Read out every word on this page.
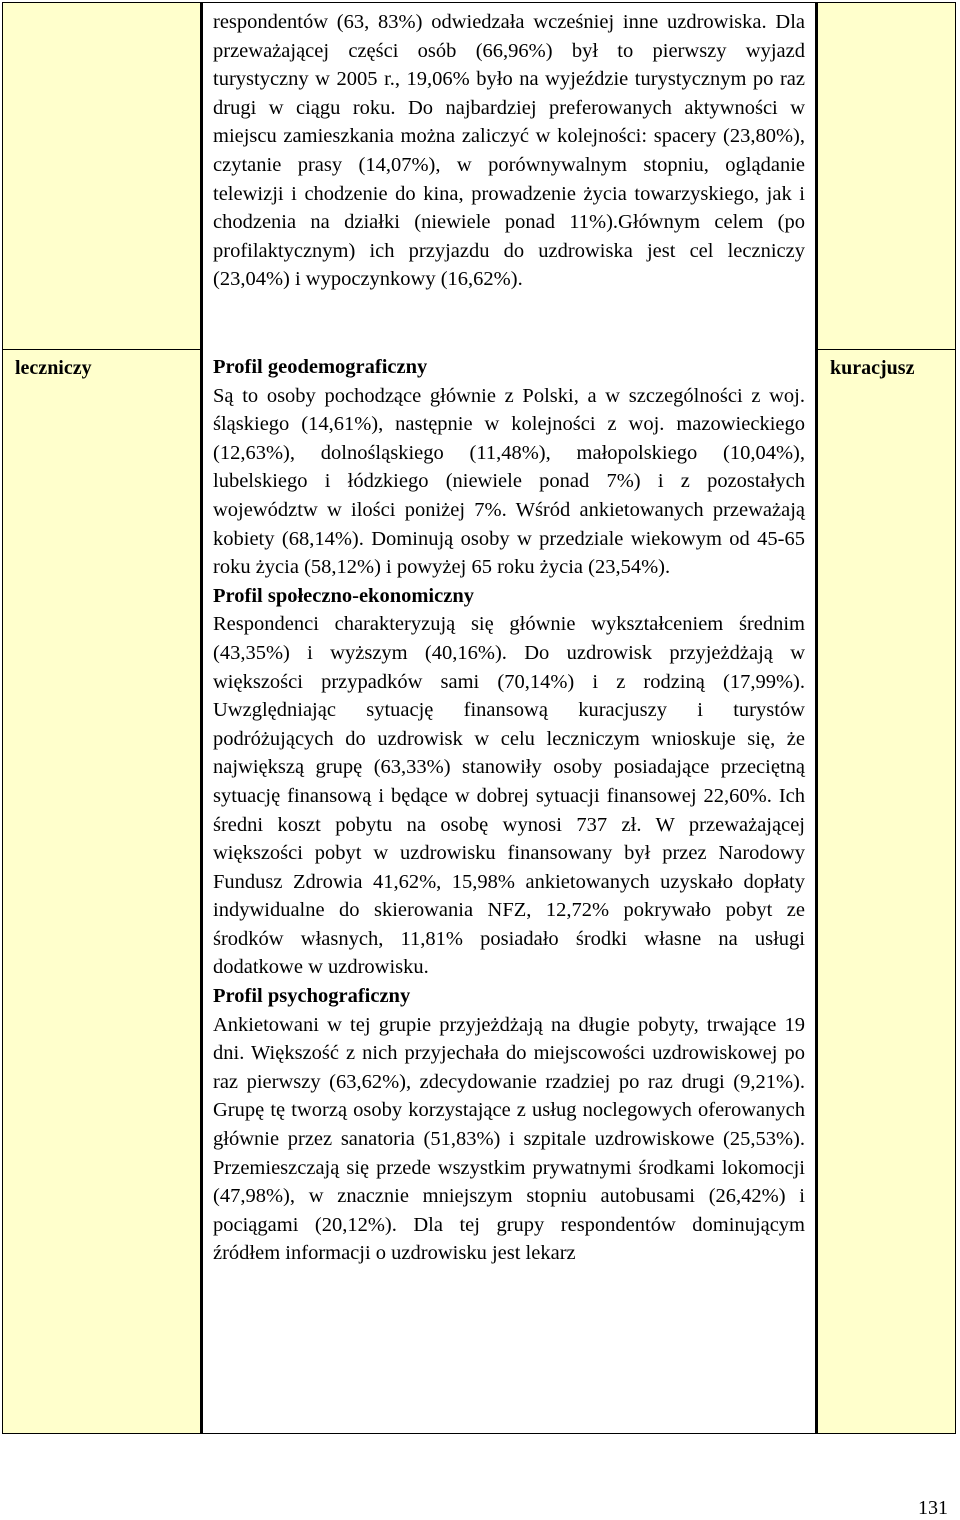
leczniczy

respondentów (63, 83%) odwiedzała wcześniej inne uzdrowiska. Dla przeważającej części osób (66,96%) był to pierwszy wyjazd turystyczny w 2005 r., 19,06% było na wyjeździe turystycznym po raz drugi w ciągu roku. Do najbardziej preferowanych aktywności w miejscu zamieszkania można zaliczyć w kolejności: spacery (23,80%), czytanie prasy (14,07%), w porównywalnym stopniu, oglądanie telewizji i chodzenie do kina, prowadzenie życia towarzyskiego, jak i chodzenia na działki (niewiele ponad 11%).Głównym celem (po profilaktycznym) ich przyjazdu do uzdrowiska jest cel leczniczy (23,04%) i wypoczynkowy (16,62%).

Profil geodemograficzny

Są to osoby pochodzące głównie z Polski, a w szczególności z woj. śląskiego (14,61%), następnie w kolejności z woj. mazowieckiego (12,63%), dolnośląskiego (11,48%), małopolskiego (10,04%), lubelskiego i łódzkiego (niewiele ponad 7%) i z pozostałych województw w ilości poniżej 7%. Wśród ankietowanych przeważają kobiety (68,14%). Dominują osoby w przedziale wiekowym od 45-65 roku życia (58,12%) i powyżej 65 roku życia (23,54%).

Profil społeczno-ekonomiczny

Respondenci charakteryzują się głównie wykształceniem średnim (43,35%) i wyższym (40,16%). Do uzdrowisk przyjeżdżają w większości przypadków sami (70,14%) i z rodziną (17,99%). Uwzględniając sytuację finansową kuracjuszy i turystów podróżujących do uzdrowisk w celu leczniczym wnioskuje się, że największą grupę (63,33%) stanowiły osoby posiadające przeciętną sytuację finansową i będące w dobrej sytuacji finansowej 22,60%. Ich średni koszt pobytu na osobę wynosi 737 zł. W przeważającej większości pobyt w uzdrowisku finansowany był przez Narodowy Fundusz Zdrowia 41,62%, 15,98% ankietowanych uzyskało dopłaty indywidualne do skierowania NFZ, 12,72% pokrywało pobyt ze środków własnych, 11,81% posiadało środki własne na usługi dodatkowe w uzdrowisku.

Profil psychograficzny

Ankietowani w tej grupie przyjeżdżają na długie pobyty, trwające 19 dni. Większość z nich przyjechała do miejscowości uzdrowiskowej po raz pierwszy (63,62%), zdecydowanie rzadziej po raz drugi (9,21%). Grupę tę tworzą osoby korzystające z usług noclegowych oferowanych głównie przez sanatoria (51,83%) i szpitale uzdrowiskowe (25,53%). Przemieszczają się przede wszystkim prywatnymi środkami lokomocji (47,98%), w znacznie mniejszym stopniu autobusami (26,42%) i pociągami (20,12%). Dla tej grupy respondentów dominującym źródłem informacji o uzdrowisku jest lekarz

kuracjusz
131
